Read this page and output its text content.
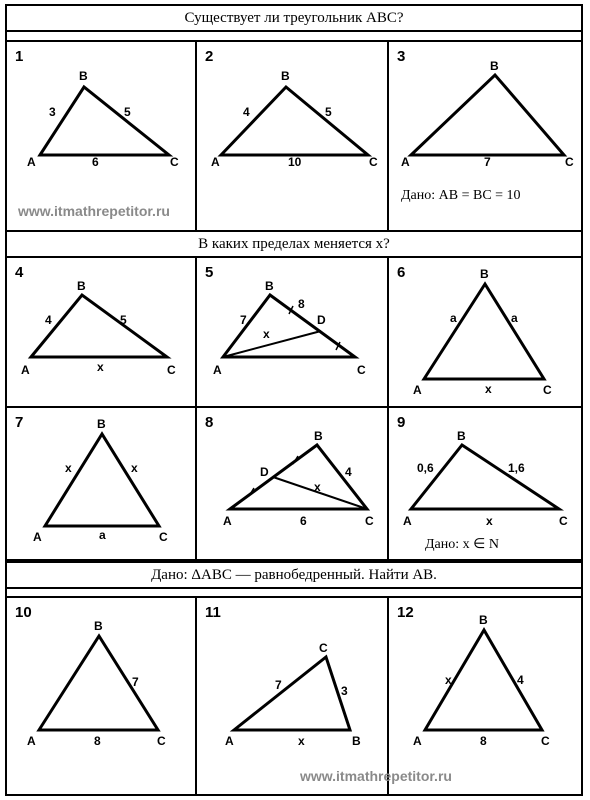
Существует ли треугольник ABC?
1
A
B
C
3	5
6
2
A
B
C
4	5
10
3
A
B
C
7
Дано: AB = BC = 10
www.itmathrepetitor.ru
В каких пределах меняется x?
4
A
B
C
4	5
x
5
A
B
C
D
7
8
x
6
A
B
C
a	a
x
7
A
B
C
x	x
a
8
A
B
C
D	4
6
x
9
A
B
C
0,6	1,6
x
Дано: x ∈ N
Дано: ΔABC — равнобедренный. Найти AB.
10
A
B
C
7
8
11
A	B
C
7	3
x
12
A
B
C
x	4
8
www.itmathrepetitor.ru
